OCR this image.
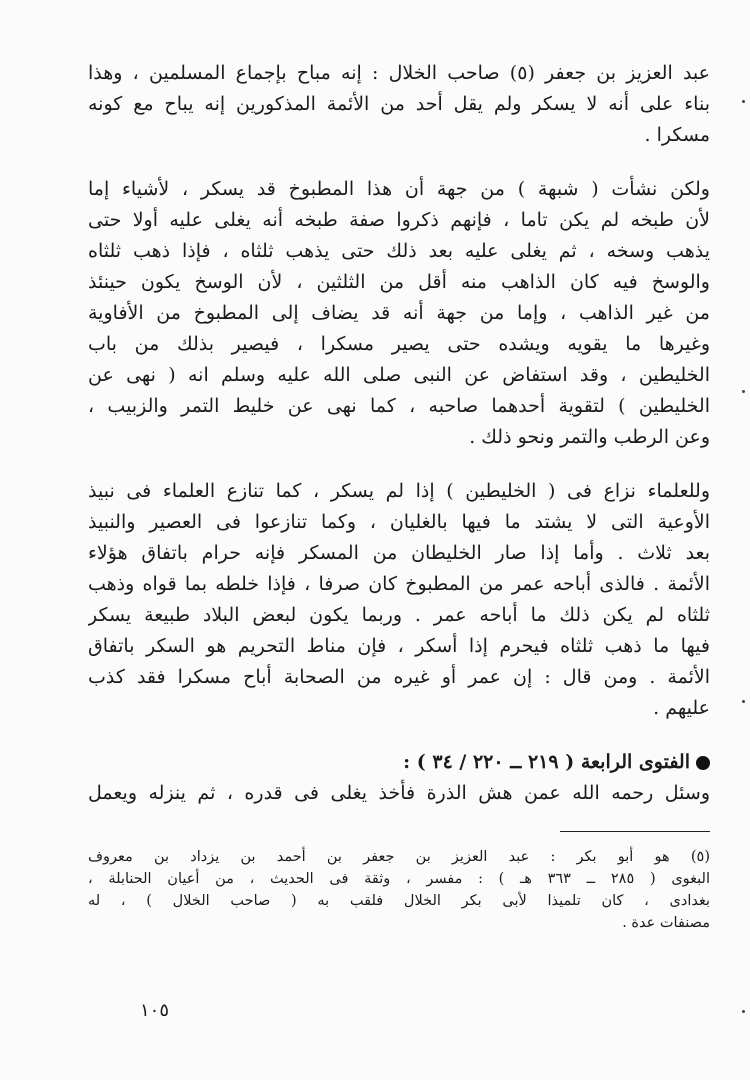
عبد العزيز بن جعفر (٥) صاحب الخلال : إنه مباح بإجماع المسلمين ، وهذا
بناء على أنه لا يسكر ولم يقل أحد من الأئمة المذكورين إنه يباح مع كونه
مسكرا .
ولكن نشأت ( شبهة ) من جهة أن هذا المطبوخ قد يسكر ، لأشياء إما
لأن طبخه لم يكن تاما ، فإنهم ذكروا صفة طبخه أنه يغلى عليه أولا حتى
يذهب وسخه ، ثم يغلى عليه بعد ذلك حتى يذهب ثلثاه ، فإذا ذهب ثلثاه
والوسخ فيه كان الذاهب منه أقل من الثلثين ، لأن الوسخ يكون حينئذ
من غير الذاهب ، وإما من جهة أنه قد يضاف إلى المطبوخ من الأفاوية
وغيرها ما يقويه ويشده حتى يصير مسكرا ، فيصير بذلك من باب
الخليطين ، وقد استفاض عن النبى صلى الله عليه وسلم انه ( نهى عن
الخليطين ) لتقوية أحدهما صاحبه ، كما نهى عن خليط التمر والزبيب ،
وعن الرطب والتمر ونحو ذلك .
وللعلماء نزاع فى ( الخليطين ) إذا لم يسكر ، كما تنازع العلماء فى نبيذ
الأوعية التى لا يشتد ما فيها بالغليان ، وكما تنازعوا فى العصير والنبيذ
بعد ثلاث . وأما إذا صار الخليطان من المسكر فإنه حرام باتفاق هؤلاء
الأئمة . فالذى أباحه عمر من المطبوخ كان صرفا ، فإذا خلطه بما قواه وذهب
ثلثاه لم يكن ذلك ما أباحه عمر . وربما يكون لبعض البلاد طبيعة يسكر
فيها ما ذهب ثلثاه فيحرم إذا أسكر ، فإن مناط التحريم هو السكر باتفاق
الأئمة . ومن قال : إن عمر أو غيره من الصحابة أباح مسكرا فقد كذب
عليهم .
الفتوى الرابعة ( ٢١٩ ــ ٢٢٠ / ٣٤ ) :
وسئل رحمه الله عمن هش الذرة فأخذ يغلى فى قدره ، ثم ينزله ويعمل
(٥) هو أبو بكر : عبد العزيز بن جعفر بن أحمد بن يزداد بن معروف
البغوى ( ٢٨٥ ــ ٣٦٣ هـ ) : مفسر ، وثقة فى الحديث ، من أعيان الحنابلة ،
بغدادى ، كان تلميذا لأبى بكر الخلال فلقب به ( صاحب الخلال ) ، له
مصنفات عدة .
١٠٥
